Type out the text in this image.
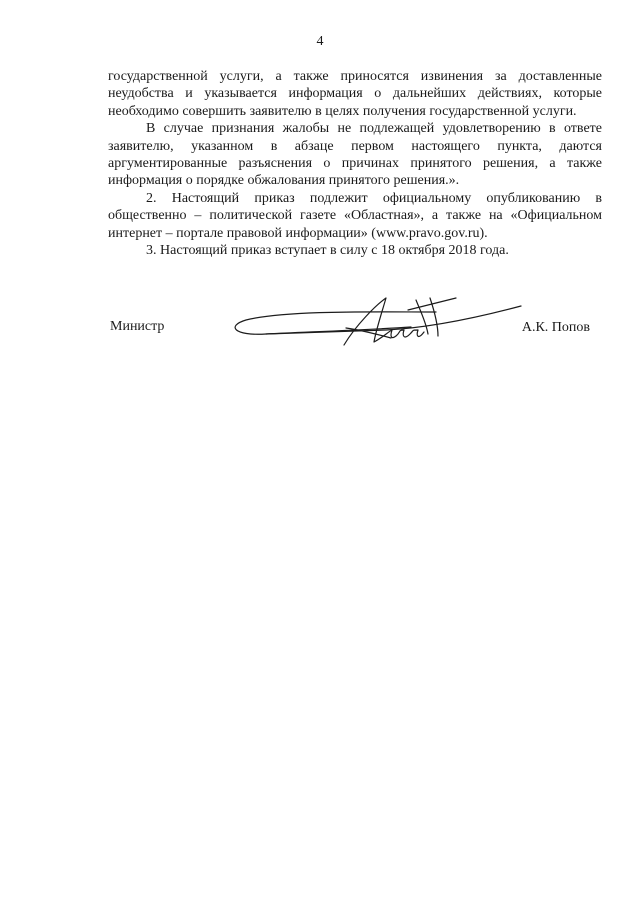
4

государственной услуги, а также приносятся извинения за доставленные неудобства и указывается информация о дальнейших действиях, которые необходимо совершить заявителю в целях получения государственной услуги.

В случае признания жалобы не подлежащей удовлетворению в ответе заявителю, указанном в абзаце первом настоящего пункта, даются аргументированные разъяснения о причинах принятого решения, а также информация о порядке обжалования принятого решения.».

2. Настоящий приказ подлежит официальному опубликованию в общественно – политической газете «Областная», а также на «Официальном интернет – портале правовой информации» (www.pravo.gov.ru).

3. Настоящий приказ вступает в силу с 18 октября 2018 года.

Министр	А.К. Попов
